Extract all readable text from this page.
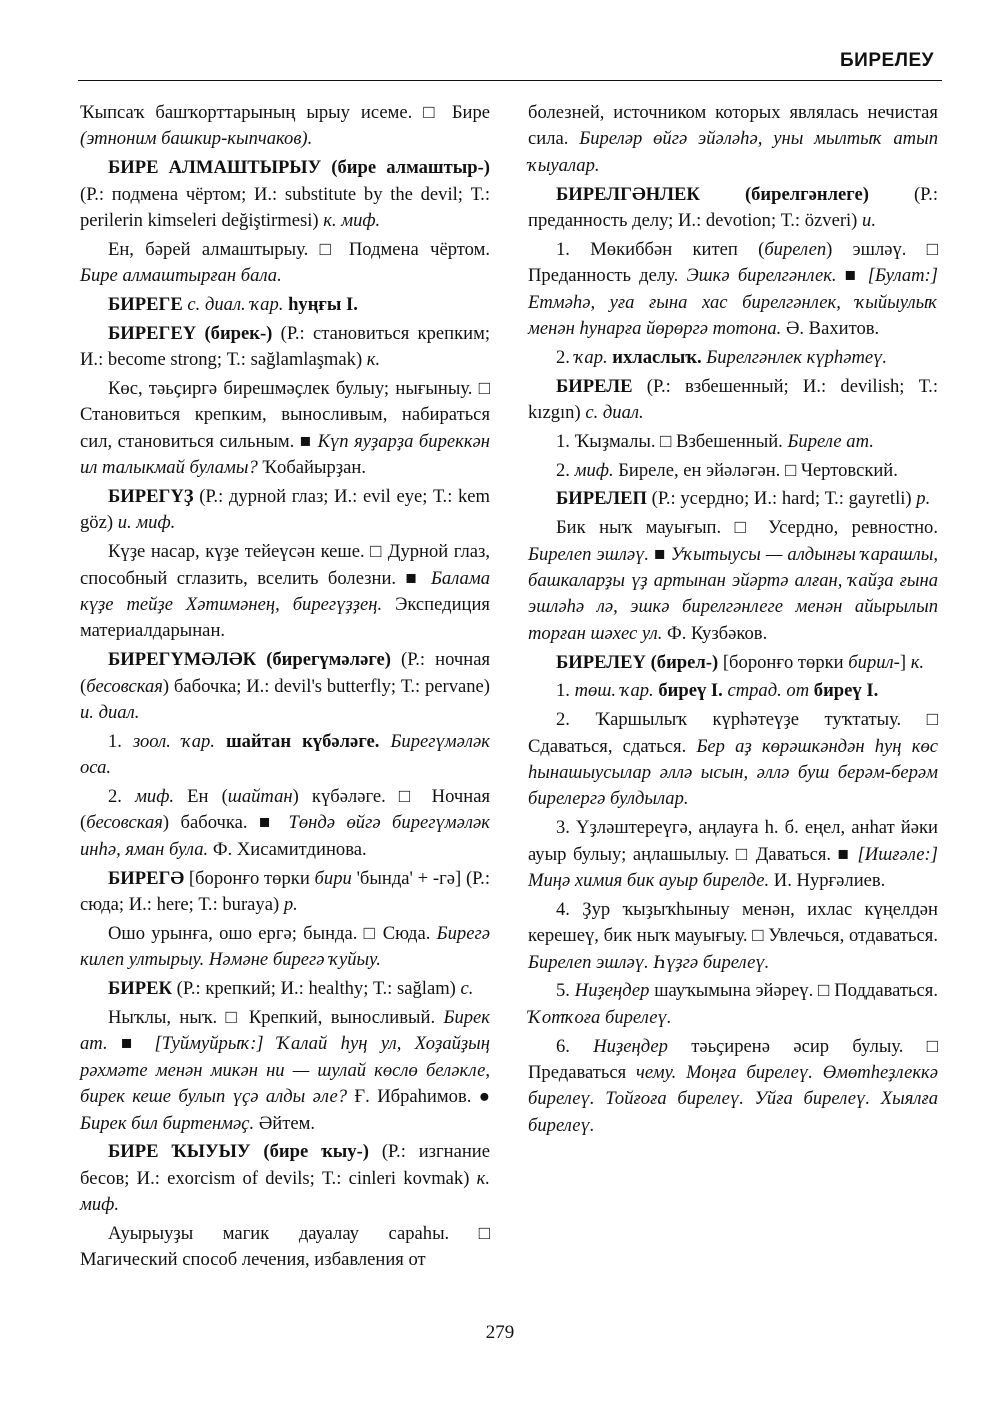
БИРЕЛЕУ

Ҡыпсаҡ башҡорттарының ырыу исеме. □ Бире (этноним башкир-кыпчаков).

БИРЕ АЛМАШТЫРЫУ (бире алмаштыр-) (Р.: подмена чёртом; И.: substitute by the devil; Т.: perilerin kimseleri değiştirmesi) к. миф.

Ен, бәрей алмаштырыу. □ Подмена чёртом. Бире алмаштырған бала.

БИРЕГЕ с. диал. ҡар. һуңғы I.

БИРЕГЕҮ (бирек-) (Р.: становиться крепким; И.: become strong; Т.: sağlamlaşmak) к.

Көс, тәьҫиргә бирешмәҫлек булыу; нығыныу. □ Становиться крепким, выносливым, набираться сил, становиться сильным. ■ Күп яуҙарҙа биреккән ил талыкмай буламы? Ҡобайырҙан.

БИРЕГҮҘ (Р.: дурной глаз; И.: evil eye; Т.: kem göz) и. миф.

Күҙе насар, күҙе тейеүсән кеше. □ Дурной глаз, способный сглазить, вселить болезни. ■ Балама күҙе тейҙе Хәтимәнең, бирегүҙҙең. Экспедиция материалдарынан.

БИРЕГҮМӘЛӘК (бирегүмәләге) (Р.: ночная (бесовская) бабочка; И.: devil's butterfly; Т.: pervane) и. диал.

1. зоол. ҡар. шайтан күбәләге. Бирегүмәләк оса.

2. миф. Ен (шайтан) күбәләге. □ Ночная (бесовская) бабочка. ■ Төндә өйгә бирегүмәләк инһә, яман була. Ф. Хисамитдинова.

БИРЕГӘ [боронғо төрки бири 'бында' + -гә] (Р.: сюда; И.: here; Т.: buraya) р.

Ошо урынға, ошо ергә; бында. □ Сюда. Бирегә килеп ултырыу. Нәмәне бирегә ҡуйыу.

БИРЕК (Р.: крепкий; И.: healthy; Т.: sağlam) с.

Ныҡлы, ныҡ. □ Крепкий, выносливый. Бирек ат. ■ [Туймуйрыҡ:] Ҡалай һуң ул, Хоҙайҙың рәхмәте менән микән ни — шулай көслө беләкле, бирек кеше булып үҫә алды әле? Ғ. Ибраһимов. ● Бирек бил биртенмәҫ. Әйтем.

БИРЕ ҠЫУЫУ (бире ҡыу-) (Р.: изгнание бесов; И.: exorcism of devils; Т.: cinleri kovmak) к. миф.

Ауырыуҙы магик дауалау сараһы. □ Магический способ лечения, избавления от

болезней, источником которых являлась нечистая сила. Биреләр өйгә эйәләһә, уны мылтыҡ атып ҡыуалар.

БИРЕЛГӘНЛЕК (бирелгәнлеге) (Р.: преданность делу; И.: devotion; Т.: özveri) и.

1. Мөкиббән китеп (бирелеп) эшләү. □ Преданность делу. Эшкә бирелгәнлек. ■ [Булат:] Етмәһә, уға ғына хас бирелгәнлек, ҡыйыулыҡ менән һунарға йөрөргә тотона. Ә. Вахитов.

2. ҡар. ихласлыҡ. Бирелгәнлек күрһәтеү.

БИРЕЛЕ (Р.: взбешенный; И.: devilish; Т.: kızgın) с. диал.

1. Ҡыҙмалы. □ Взбешенный. Биреле ат.

2. миф. Биреле, ен эйәләгән. □ Чертовский.

БИРЕЛЕП (Р.: усердно; И.: hard; Т.: gayretli) р.

Бик ныҡ мауығып. □ Усердно, ревностно. Бирелеп эшләү. ■ Уҡытыусы — алдынғы ҡарашлы, башкаларҙы үҙ артынан эйәртә алған, ҡайҙа ғына эшләһә лә, эшкә бирелгәнлеге менән айырылып торған шәхес ул. Ф. Кузбәков.

БИРЕЛЕҮ (бирел-) [боронғо төрки бирил-] к.

1. төш. ҡар. биреү I. страд. от биреү I.

2. Ҡаршылыҡ күрһәтеүҙе туҡтатыу. □ Сдаваться, сдаться. Бер аҙ көрәшкәндән һуң көс һынашыусылар әллә ысын, әллә буш берәм-берәм бирелергә булдылар.

3. Үҙләштереүгә, аңлауға һ. б. еңел, анһат йәки ауыр булыу; аңлашылыу. □ Даваться. ■ [Ишғәле:] Миңә химия бик ауыр бирелде. И. Нурғәлиев.

4. Ҙур ҡыҙыҡһыныу менән, ихлас күңелдән керешеү, бик ныҡ мауығыу. □ Увлечься, отдаваться. Бирелеп эшләү. Һүҙгә бирелеү.

5. Ниҙеңдер шауҡымына эйәреү. □ Поддаваться. Ҡотҡоға бирелеү.

6. Ниҙеңдер тәьҫиренә әсир булыу. □ Предаваться чему. Моңға бирелеү. Өмөтһеҙлеккә бирелеү. Тойғоға бирелеү. Уйға бирелеү. Хыялға бирелеү.

279
